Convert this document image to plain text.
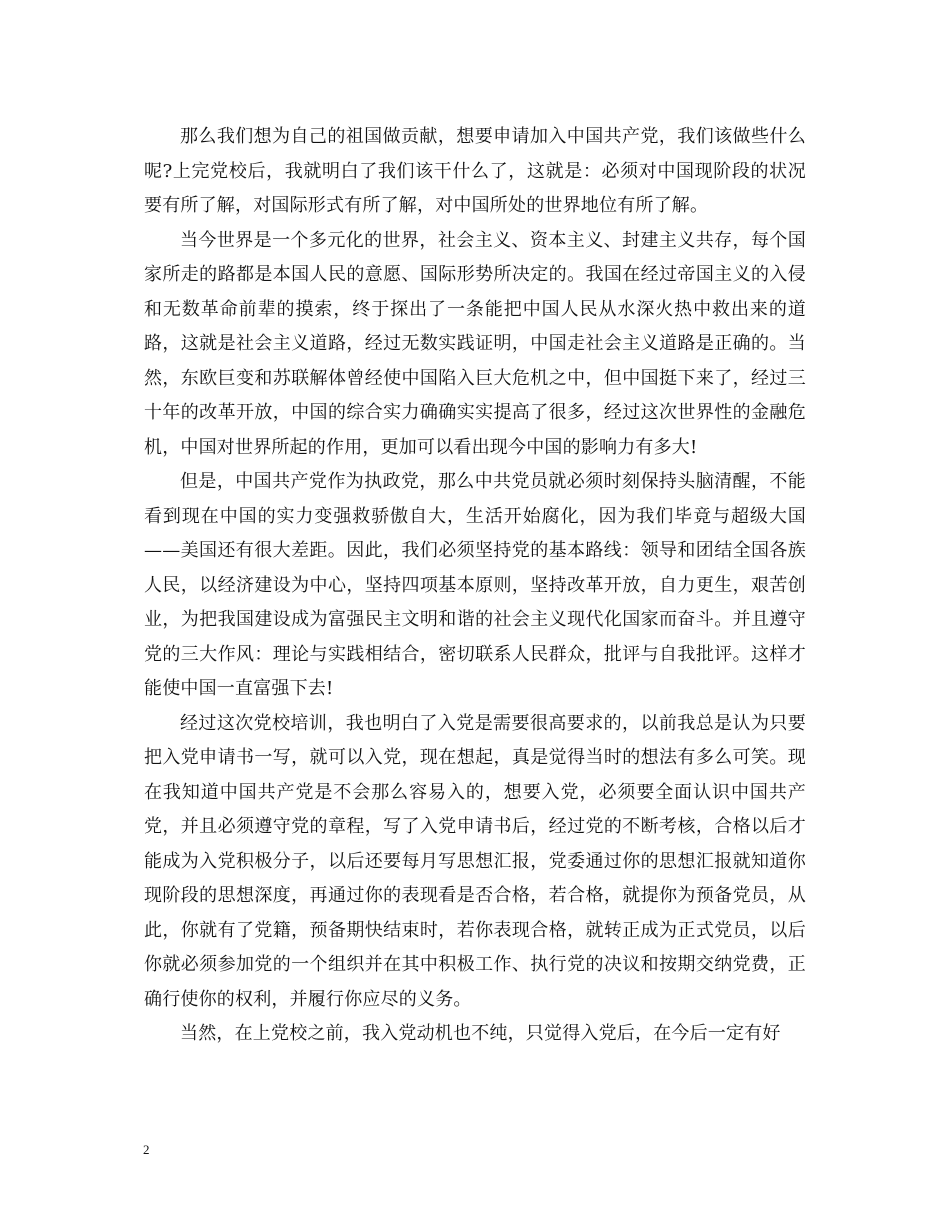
那么我们想为自己的祖国做贡献，想要申请加入中国共产党，我们该做些什么呢?上完党校后，我就明白了我们该干什么了，这就是：必须对中国现阶段的状况要有所了解，对国际形式有所了解，对中国所处的世界地位有所了解。

当今世界是一个多元化的世界，社会主义、资本主义、封建主义共存，每个国家所走的路都是本国人民的意愿、国际形势所决定的。我国在经过帝国主义的入侵和无数革命前辈的摸索，终于探出了一条能把中国人民从水深火热中救出来的道路，这就是社会主义道路，经过无数实践证明，中国走社会主义道路是正确的。当然，东欧巨变和苏联解体曾经使中国陷入巨大危机之中，但中国挺下来了，经过三十年的改革开放，中国的综合实力确确实实提高了很多，经过这次世界性的金融危机，中国对世界所起的作用，更加可以看出现今中国的影响力有多大!

但是，中国共产党作为执政党，那么中共党员就必须时刻保持头脑清醒，不能看到现在中国的实力变强救骄傲自大，生活开始腐化，因为我们毕竟与超级大国——美国还有很大差距。因此，我们必须坚持党的基本路线：领导和团结全国各族人民，以经济建设为中心，坚持四项基本原则，坚持改革开放，自力更生，艰苦创业，为把我国建设成为富强民主文明和谐的社会主义现代化国家而奋斗。并且遵守党的三大作风：理论与实践相结合，密切联系人民群众，批评与自我批评。这样才能使中国一直富强下去!

经过这次党校培训，我也明白了入党是需要很高要求的，以前我总是认为只要把入党申请书一写，就可以入党，现在想起，真是觉得当时的想法有多么可笑。现在我知道中国共产党是不会那么容易入的，想要入党，必须要全面认识中国共产党，并且必须遵守党的章程，写了入党申请书后，经过党的不断考核，合格以后才能成为入党积极分子，以后还要每月写思想汇报，党委通过你的思想汇报就知道你现阶段的思想深度，再通过你的表现看是否合格，若合格，就提你为预备党员，从此，你就有了党籍，预备期快结束时，若你表现合格，就转正成为正式党员，以后你就必须参加党的一个组织并在其中积极工作、执行党的决议和按期交纳党费，正确行使你的权利，并履行你应尽的义务。

当然，在上党校之前，我入党动机也不纯，只觉得入党后，在今后一定有好

2
